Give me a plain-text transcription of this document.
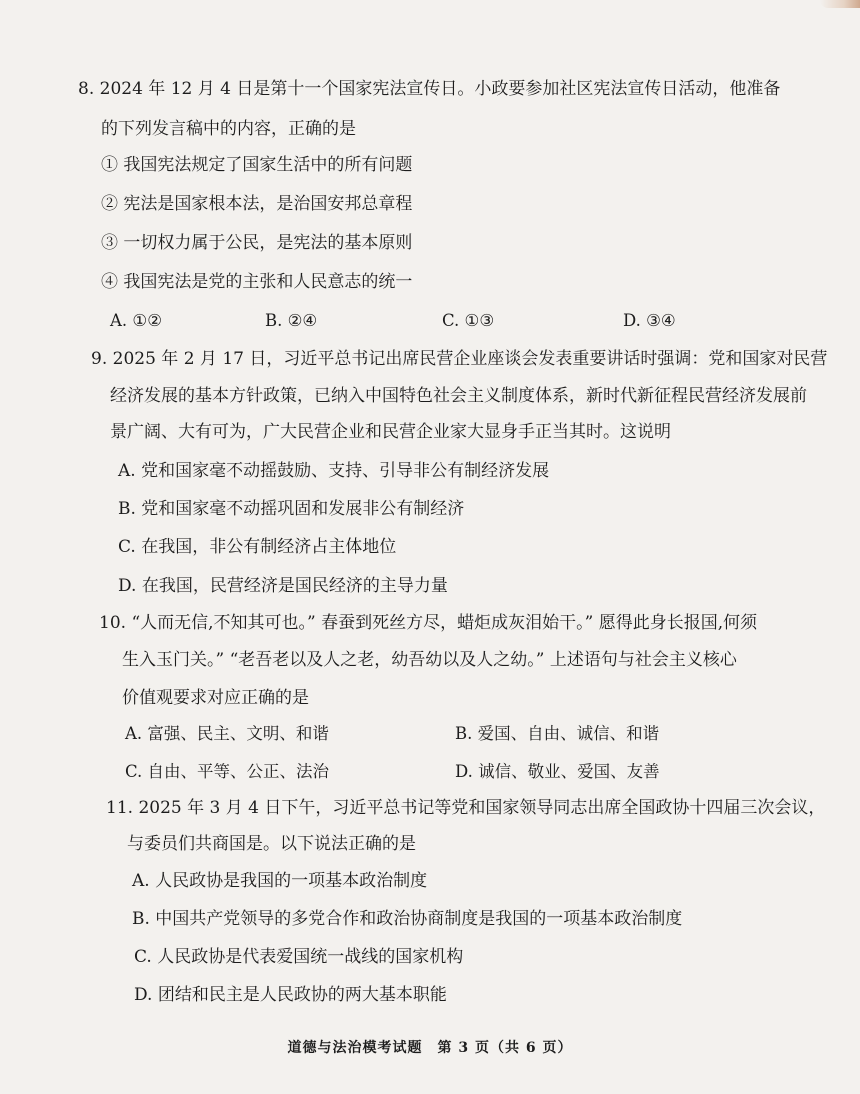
8. 2024 年 12 月 4 日是第十一个国家宪法宣传日。小政要参加社区宪法宣传日活动，他准备
的下列发言稿中的内容，正确的是
① 我国宪法规定了国家生活中的所有问题
② 宪法是国家根本法，是治国安邦总章程
③ 一切权力属于公民，是宪法的基本原则
④ 我国宪法是党的主张和人民意志的统一
A. ①②	B. ②④	C. ①③	D. ③④
9. 2025 年 2 月 17 日，习近平总书记出席民营企业座谈会发表重要讲话时强调：党和国家对民营
经济发展的基本方针政策，已纳入中国特色社会主义制度体系，新时代新征程民营经济发展前
景广阔、大有可为，广大民营企业和民营企业家大显身手正当其时。这说明
A. 党和国家毫不动摇鼓励、支持、引导非公有制经济发展
B. 党和国家毫不动摇巩固和发展非公有制经济
C. 在我国，非公有制经济占主体地位
D. 在我国，民营经济是国民经济的主导力量
10. “人而无信,不知其可也。” 春蚕到死丝方尽，蜡炬成灰泪始干。” 愿得此身长报国,何须
生入玉门关。” “老吾老以及人之老，幼吾幼以及人之幼。” 上述语句与社会主义核心
价值观要求对应正确的是
A. 富强、民主、文明、和谐	B. 爱国、自由、诚信、和谐
C. 自由、平等、公正、法治	D. 诚信、敬业、爱国、友善
11. 2025 年 3 月 4 日下午，习近平总书记等党和国家领导同志出席全国政协十四届三次会议，
与委员们共商国是。以下说法正确的是
A. 人民政协是我国的一项基本政治制度
B. 中国共产党领导的多党合作和政治协商制度是我国的一项基本政治制度
C. 人民政协是代表爱国统一战线的国家机构
D. 团结和民主是人民政协的两大基本职能
道德与法治模考试题　第 3 页（共 6 页）
